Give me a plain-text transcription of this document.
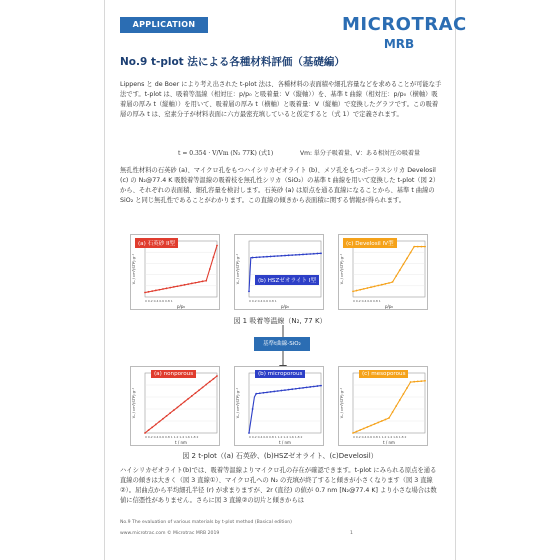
APPLICATION NOTE
MICROTRAC
MRB
No.9 t-plot 法による各種材料評価（基礎編）
Lippens と de Boer により考え出された t-plot 法は、各種材料の表面積や細孔容量などを求めることが可能な手法です。t-plot は、吸着等温線（相対圧：p/p₀ と吸着量：V（縦軸））を、基準 t 曲線（相対圧：p/p₀（横軸）吸着層の厚み t（縦軸））を用いて、吸着層の厚み t（横軸）と吸着量：V（縦軸）で変換したグラフです。この吸着層の厚み t は、窒素分子が材料表面に六方最密充填していると仮定すると（式 1）で定義されます。
t = 0.354 · V/Vm (N₂ 77K) (式1)	Vm: 単分子吸着量、V：ある相対圧の吸着量
無孔性材料の石英砂 (a)、マイクロ孔をもつハイシリカゼオライト (b)、メソ孔をもつポーラスシリカ Develosil (c) の N₂@77.4 K 吸脱着等温線の吸着枝を無孔性シリカ（SiO₂）の基準 t 曲線を用いて変換した t-plot（図 2）から、それぞれの表面積、細孔容量を検討します。石英砂 (a) は原点を通る直線になることから、基準 t 曲線の SiO₂ と同じ無孔性であることがわかります。この直線の傾きから表面積に関する情報が得られます。
p/p₀
Vₐ / cm³(STP) g⁻¹
0 0.2 0.4 0.6 0.8 1
(a) 石英砂 II型
p/p₀
Vₐ / cm³(STP) g⁻¹
0 0.2 0.4 0.6 0.8 1
(b) HSZゼオライト I型
p/p₀
Vₐ / cm³(STP) g⁻¹
0 0.2 0.4 0.6 0.8 1
(c) Develosil IV型
図 1 吸着等温線（N₂, 77 K）
基準t曲線-SiO₂
t / nm
Vₐ / cm³(STP) g⁻¹
0 0.2 0.4 0.6 0.8 1 1.2 1.4 1.6 1.8 2
(a) nonporous
t / nm
Vₐ / cm³(STP) g⁻¹
0 0.2 0.4 0.6 0.8 1 1.2 1.4 1.6 1.8 2
(b) microporous
t / nm
Vₐ / cm³(STP) g⁻¹
0 0.2 0.4 0.6 0.8 1 1.2 1.4 1.6 1.8 2
(c) mesoporous
図 2 t-plot（(a) 石英砂、(b)HSZゼオライト、(c)Develosil）
ハイシリカゼオライト(b)では、吸着等温線よりマイクロ孔の存在が確認できます。t-plot にみられる原点を通る直線の傾きは大きく（図 3 直線①）、マイクロ孔への N₂ の充填が終了すると傾きが小さくなります（図 3 直線②）。屈曲点から平均細孔半径 (r) が求まりますが、2r (直径) の値が 0.7 nm [N₂@77.4 K] より小さな場合は数値に信憑性がありません。さらに図 3 直線②の切片と傾きからは
No.9 The evaluation of various materials by t-plot method (Basical edition)
www.microtrac.com © Microtrac MRB 2019	1
